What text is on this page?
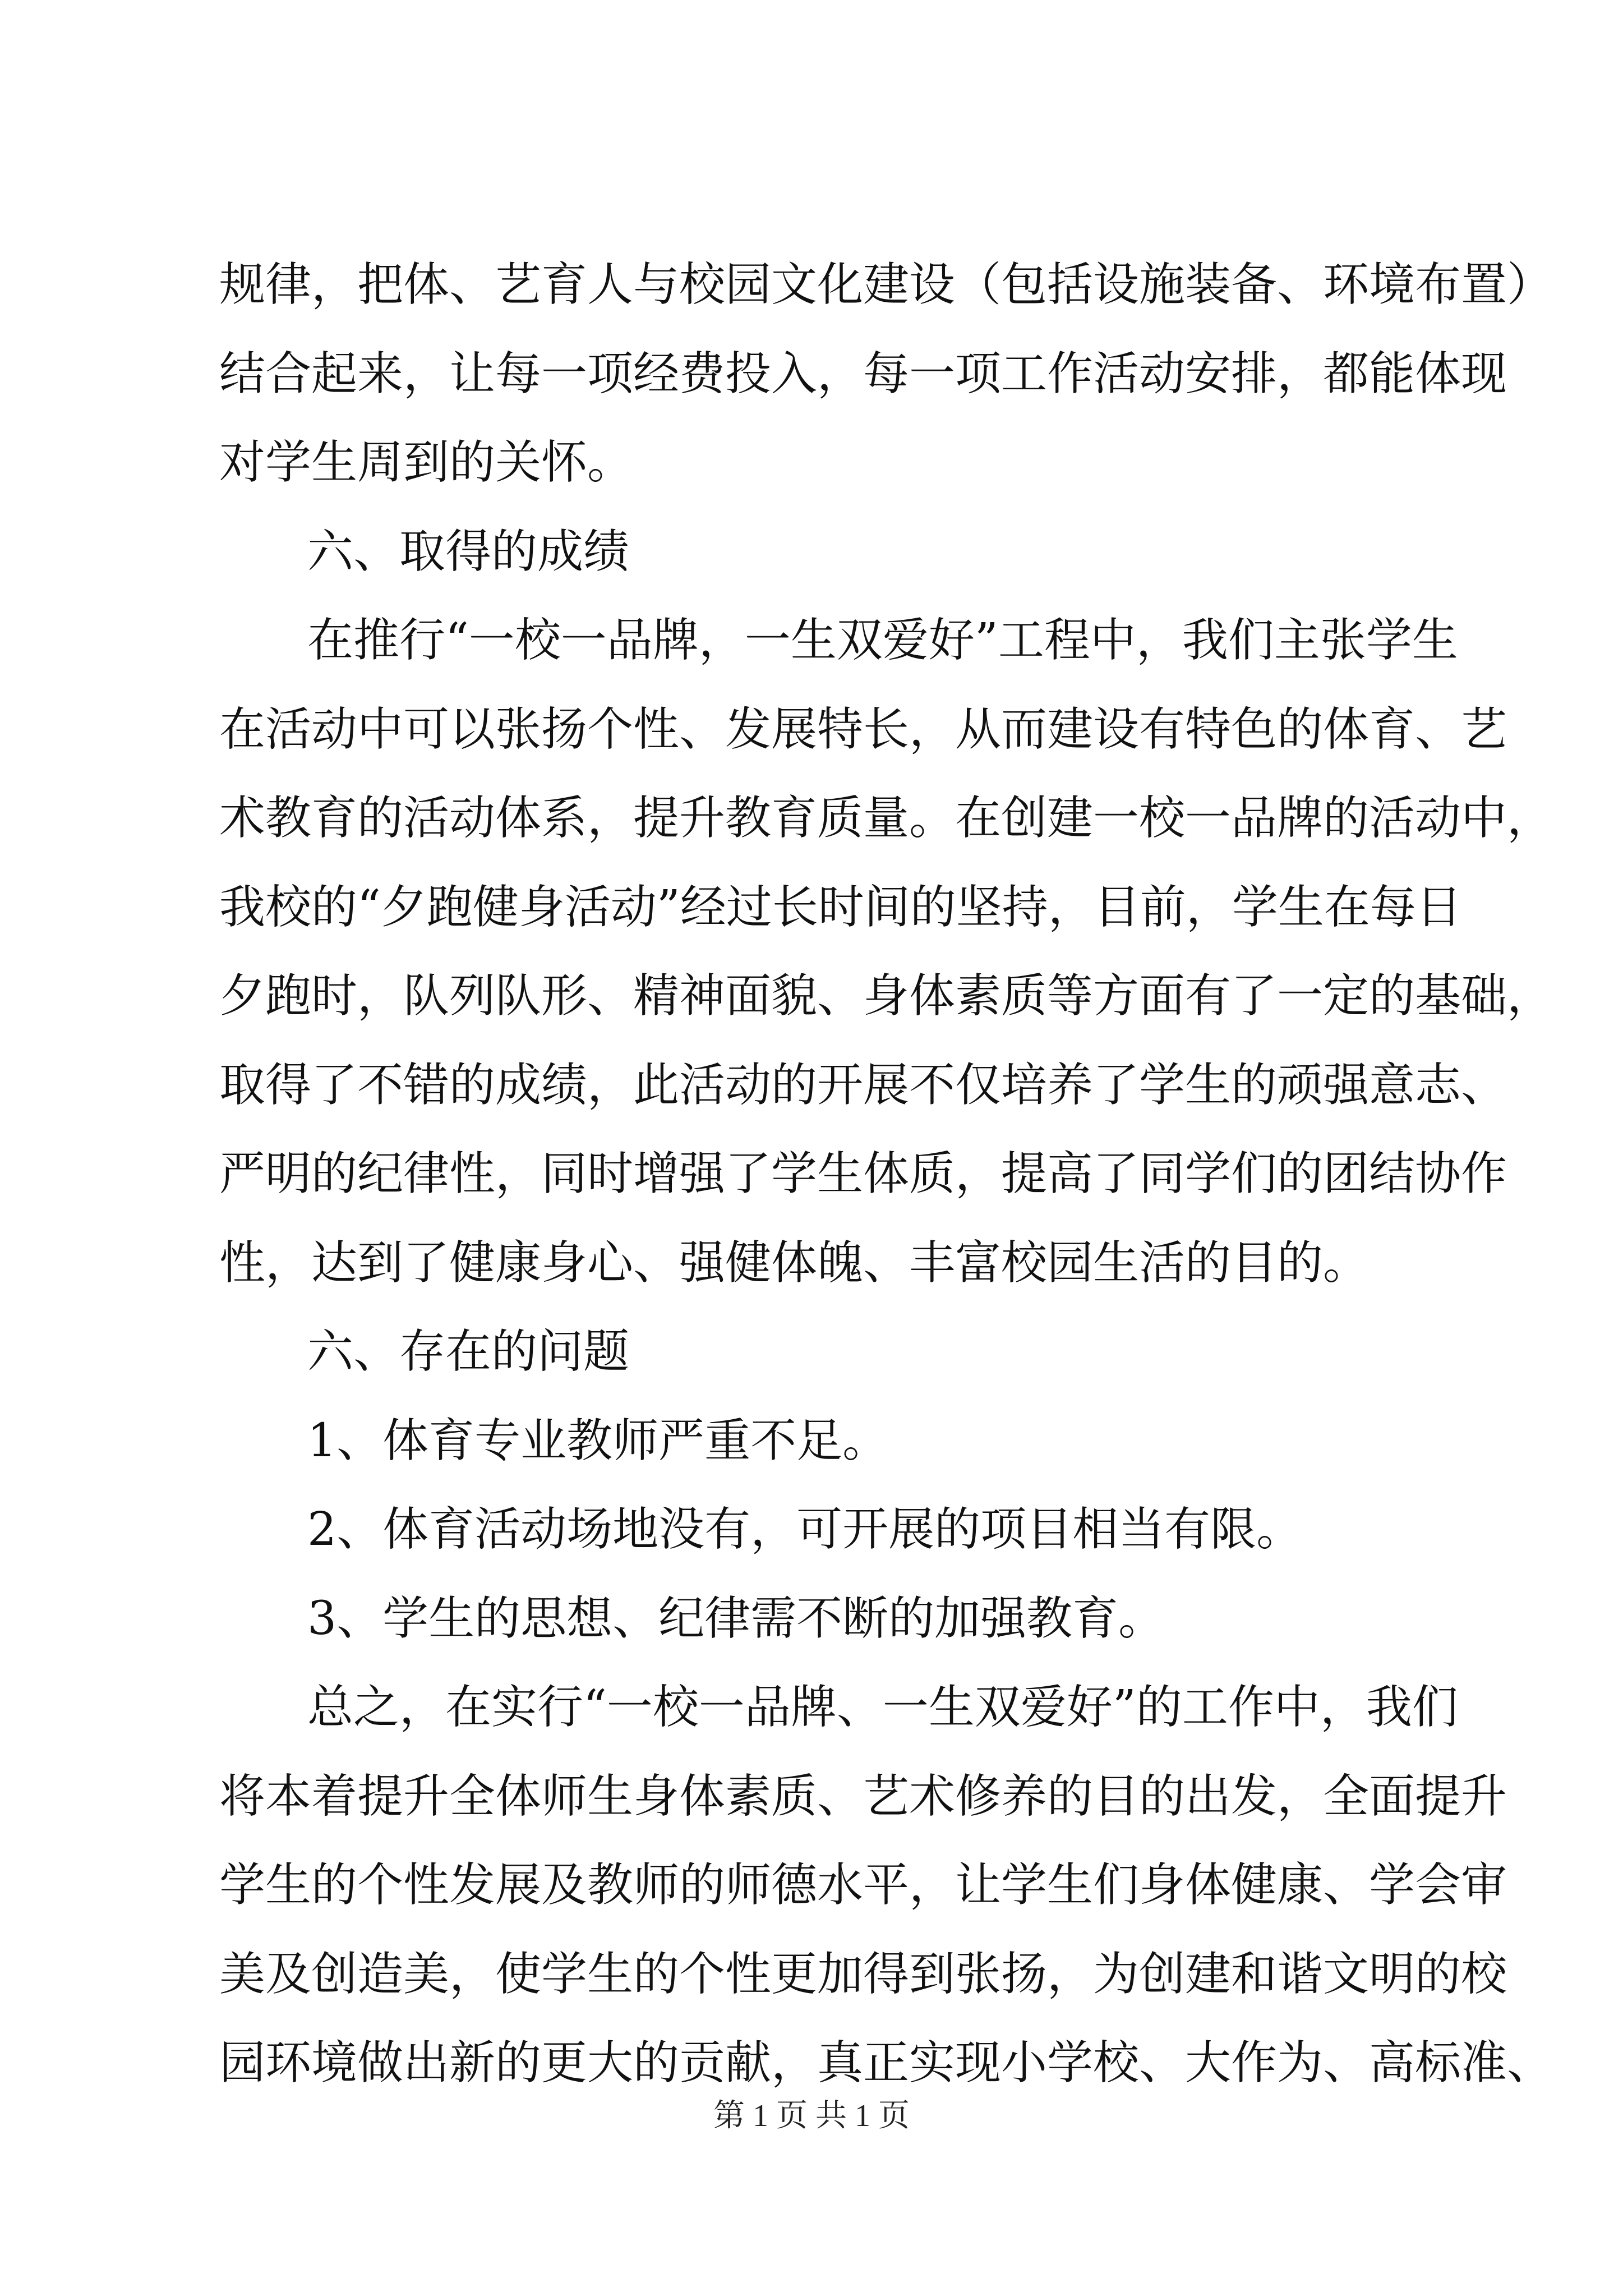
规律，把体、艺育人与校园文化建设（包括设施装备、环境布置）
结合起来，让每一项经费投入，每一项工作活动安排，都能体现
对学生周到的关怀。
六、取得的成绩
在推行“一校一品牌，一生双爱好”工程中，我们主张学生
在活动中可以张扬个性、发展特长，从而建设有特色的体育、艺
术教育的活动体系，提升教育质量。在创建一校一品牌的活动中，
我校的“夕跑健身活动”经过长时间的坚持，目前，学生在每日
夕跑时，队列队形、精神面貌、身体素质等方面有了一定的基础，
取得了不错的成绩，此活动的开展不仅培养了学生的顽强意志、
严明的纪律性，同时增强了学生体质，提高了同学们的团结协作
性，达到了健康身心、强健体魄、丰富校园生活的目的。
六、存在的问题
1、体育专业教师严重不足。
2、体育活动场地没有，可开展的项目相当有限。
3、学生的思想、纪律需不断的加强教育。
总之，在实行“一校一品牌、一生双爱好”的工作中，我们
将本着提升全体师生身体素质、艺术修养的目的出发，全面提升
学生的个性发展及教师的师德水平，让学生们身体健康、学会审
美及创造美，使学生的个性更加得到张扬，为创建和谐文明的校
园环境做出新的更大的贡献，真正实现小学校、大作为、高标准、
第 1 页 共 1 页
